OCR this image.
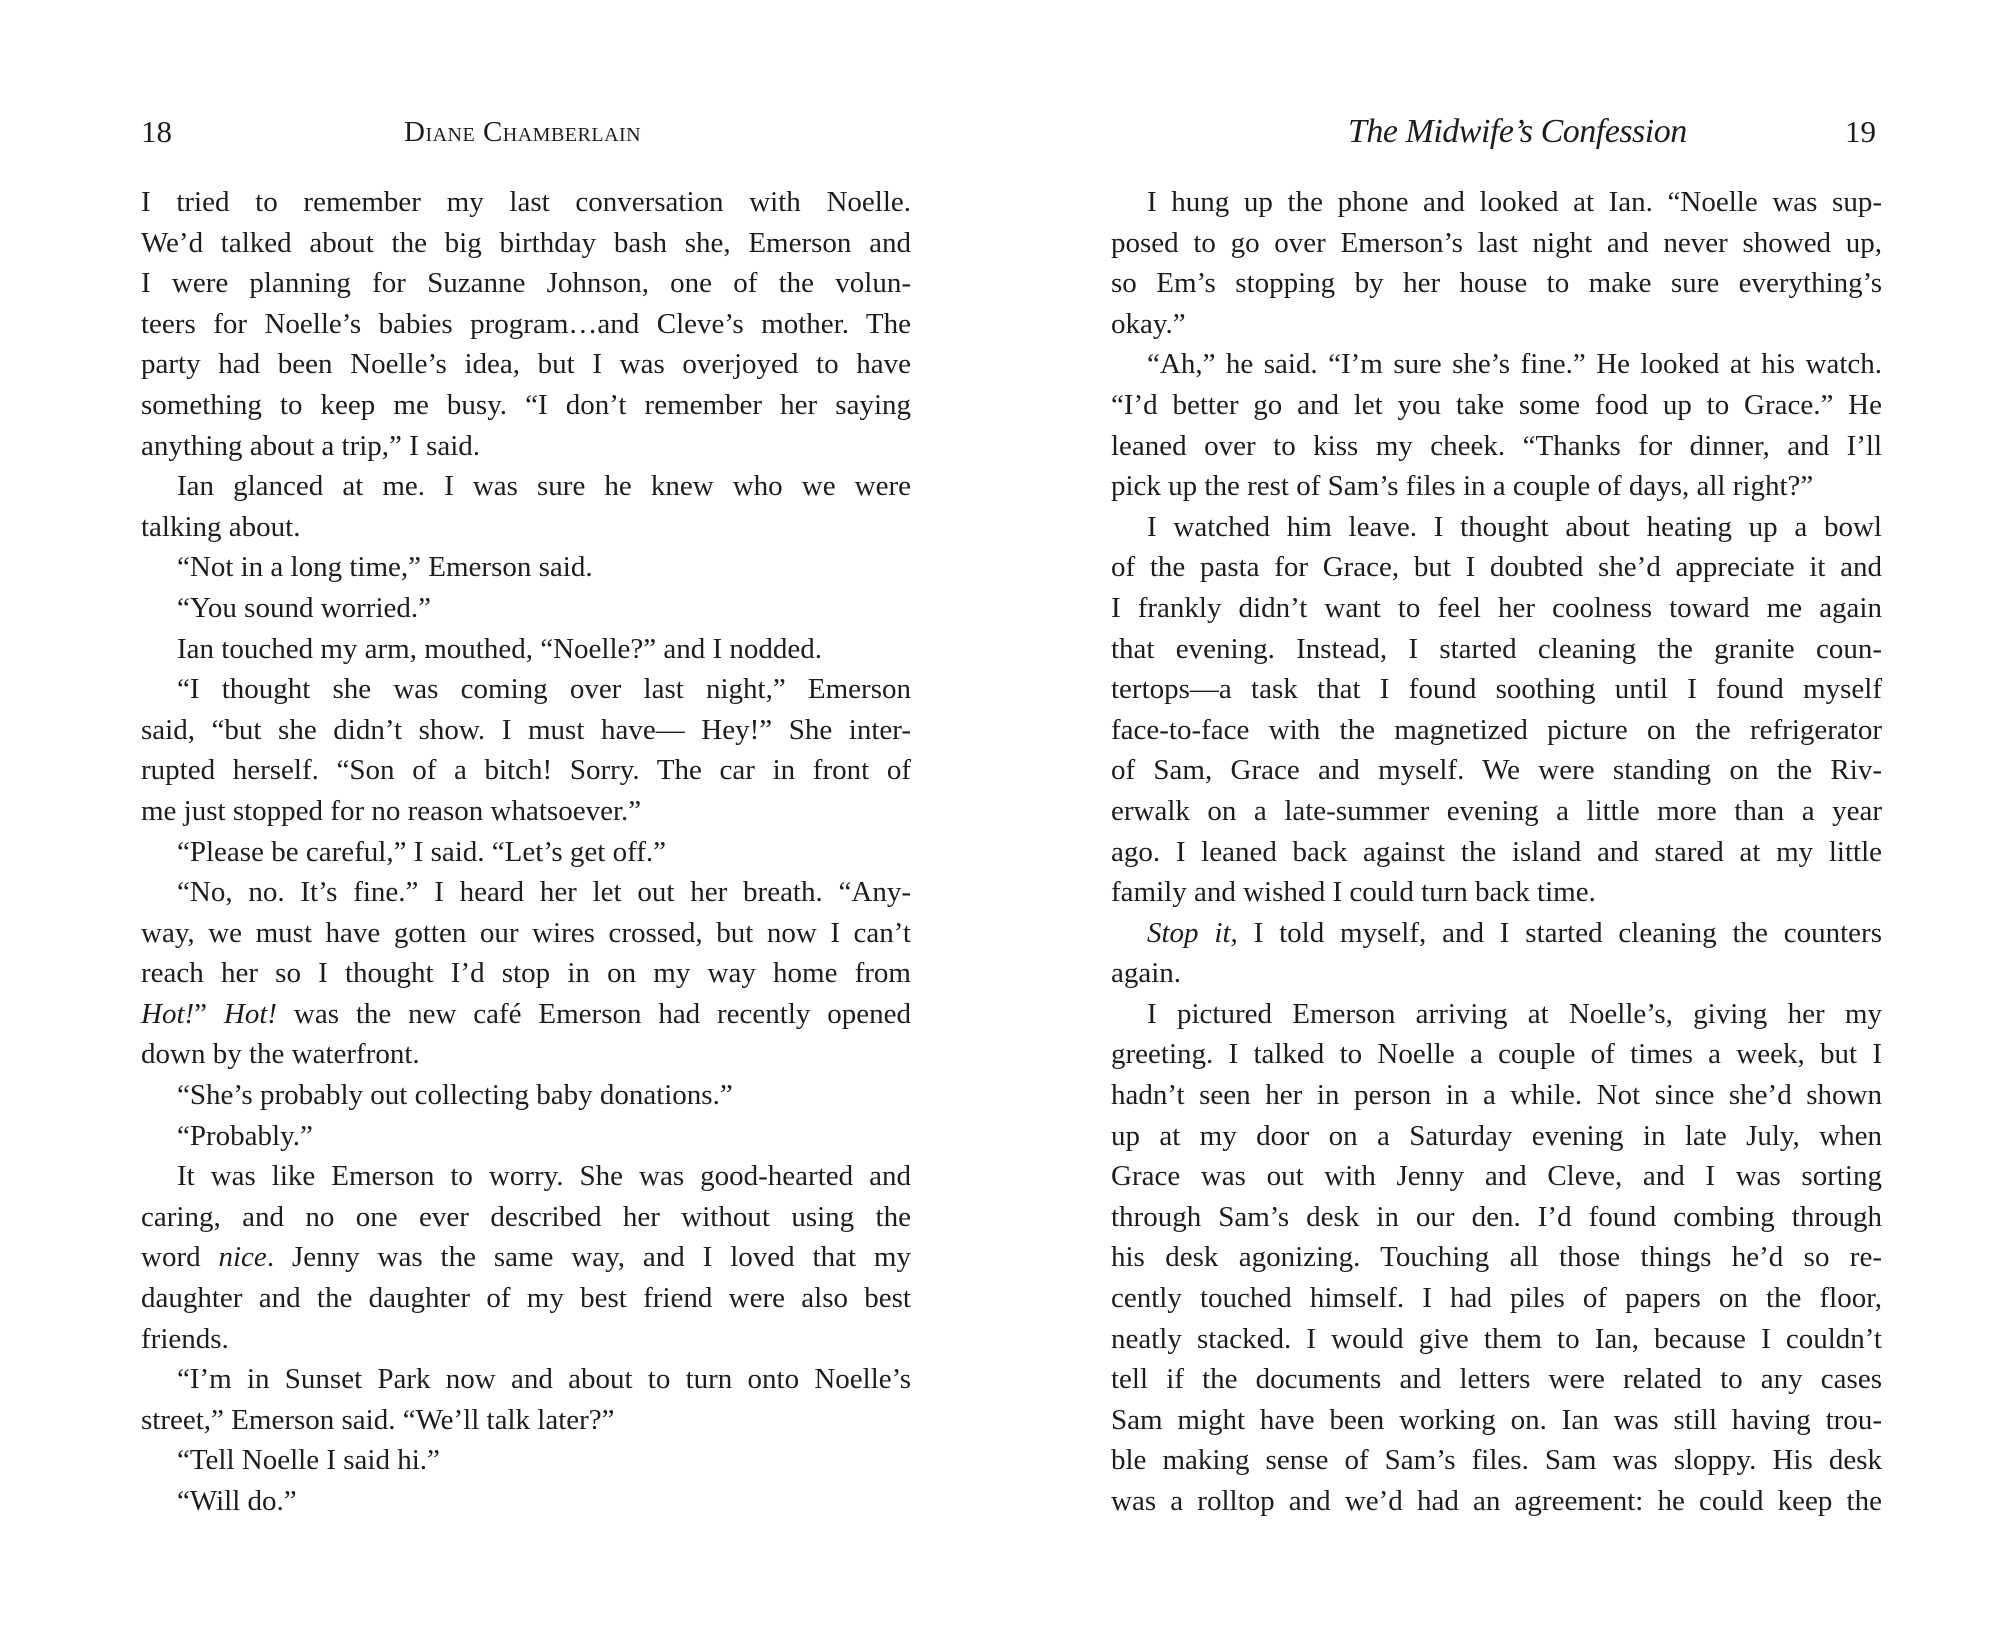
18	Diane Chamberlain
I tried to remember my last conversation with Noelle.
We’d talked about the big birthday bash she, Emerson and
I were planning for Suzanne Johnson, one of the volun-
teers for Noelle’s babies program…and Cleve’s mother. The
party had been Noelle’s idea, but I was overjoyed to have
something to keep me busy. “I don’t remember her saying
anything about a trip,” I said.
Ian glanced at me. I was sure he knew who we were
talking about.
“Not in a long time,” Emerson said.
“You sound worried.”
Ian touched my arm, mouthed, “Noelle?” and I nodded.
“I thought she was coming over last night,” Emerson
said, “but she didn’t show. I must have— Hey!” She inter-
rupted herself. “Son of a bitch! Sorry. The car in front of
me just stopped for no reason whatsoever.”
“Please be careful,” I said. “Let’s get off.”
“No, no. It’s fine.” I heard her let out her breath. “Any-
way, we must have gotten our wires crossed, but now I can’t
reach her so I thought I’d stop in on my way home from
Hot!” Hot! was the new café Emerson had recently opened
down by the waterfront.
“She’s probably out collecting baby donations.”
“Probably.”
It was like Emerson to worry. She was good-hearted and
caring, and no one ever described her without using the
word nice. Jenny was the same way, and I loved that my
daughter and the daughter of my best friend were also best
friends.
“I’m in Sunset Park now and about to turn onto Noelle’s
street,” Emerson said. “We’ll talk later?”
“Tell Noelle I said hi.”
“Will do.”
The Midwife’s Confession	19
I hung up the phone and looked at Ian. “Noelle was sup-
posed to go over Emerson’s last night and never showed up,
so Em’s stopping by her house to make sure everything’s
okay.”
“Ah,” he said. “I’m sure she’s fine.” He looked at his watch.
“I’d better go and let you take some food up to Grace.” He
leaned over to kiss my cheek. “Thanks for dinner, and I’ll
pick up the rest of Sam’s files in a couple of days, all right?”
I watched him leave. I thought about heating up a bowl
of the pasta for Grace, but I doubted she’d appreciate it and
I frankly didn’t want to feel her coolness toward me again
that evening. Instead, I started cleaning the granite coun-
tertops—a task that I found soothing until I found myself
face-to-face with the magnetized picture on the refrigerator
of Sam, Grace and myself. We were standing on the Riv-
erwalk on a late-summer evening a little more than a year
ago. I leaned back against the island and stared at my little
family and wished I could turn back time.
Stop it, I told myself, and I started cleaning the counters
again.
I pictured Emerson arriving at Noelle’s, giving her my
greeting. I talked to Noelle a couple of times a week, but I
hadn’t seen her in person in a while. Not since she’d shown
up at my door on a Saturday evening in late July, when
Grace was out with Jenny and Cleve, and I was sorting
through Sam’s desk in our den. I’d found combing through
his desk agonizing. Touching all those things he’d so re-
cently touched himself. I had piles of papers on the floor,
neatly stacked. I would give them to Ian, because I couldn’t
tell if the documents and letters were related to any cases
Sam might have been working on. Ian was still having trou-
ble making sense of Sam’s files. Sam was sloppy. His desk
was a rolltop and we’d had an agreement: he could keep the
